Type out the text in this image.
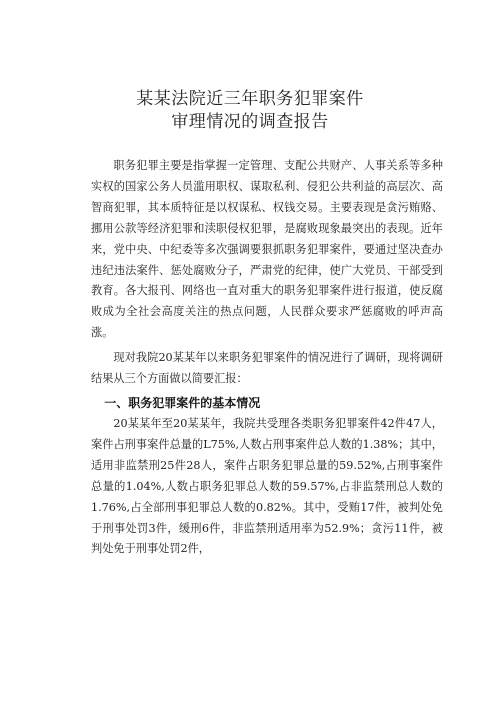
某某法院近三年职务犯罪案件
审理情况的调查报告

职务犯罪主要是指掌握一定管理、支配公共财产、人事关系等多种实权的国家公务人员滥用职权、谋取私利、侵犯公共利益的高层次、高智商犯罪，其本质特征是以权谋私、权钱交易。主要表现是贪污贿赂、挪用公款等经济犯罪和渎职侵权犯罪，是腐败现象最突出的表现。近年来，党中央、中纪委等多次强调要狠抓职务犯罪案件，要通过坚决查办违纪违法案件、惩处腐败分子，严肃党的纪律，使广大党员、干部受到教育。各大报刊、网络也一直对重大的职务犯罪案件进行报道，使反腐败成为全社会高度关注的热点问题，人民群众要求严惩腐败的呼声高涨。

现对我院20某某年以来职务犯罪案件的情况进行了调研，现将调研结果从三个方面做以简要汇报：

一、职务犯罪案件的基本情况

20某某年至20某某年，我院共受理各类职务犯罪案件42件47人，案件占刑事案件总量的L75%,人数占刑事案件总人数的1.38%；其中，适用非监禁刑25件28人，案件占职务犯罪总量的59.52%,占刑事案件总量的1.04%,人数占职务犯罪总人数的59.57%,占非监禁刑总人数的1.76%,占全部刑事犯罪总人数的0.82%。其中，受贿17件，被判处免于刑事处罚3件，缓刑6件，非监禁刑适用率为52.9%；贪污11件，被判处免于刑事处罚2件，
